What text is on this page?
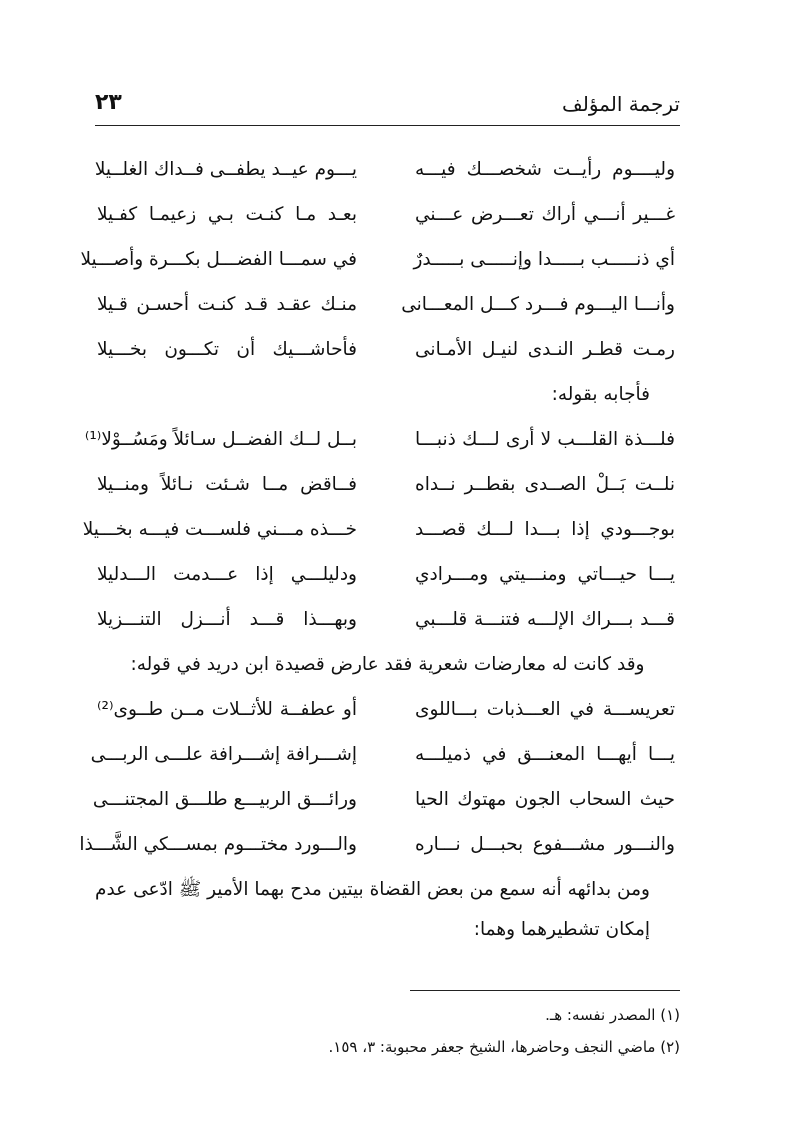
ترجمة المؤلف
٢٣
وليــــوم رأيــت شخصـــك فيـــه
يـــوم عيــد يطفــى فــداك الغلــيلا
غـــير أنـــي أراك تعـــرض عـــني
بعـد مـا كنـت بـي زعيمـا كفـيلا
أي ذنـــــب بـــــدا وإنـــــى بـــــدرٌ
في سمـــا الفضـــل بكـــرة وأصـــيلا
وأنـــا اليـــوم فـــرد كـــل المعـــانى
منـك عقـد قـد كنـت أحسـن قـيلا
رمـت قطـر النـدى لنيـل الأمـانى
فأحاشـــيك أن تكـــون بخـــيلا
فأجابه بقوله:
فلـــذة القلـــب لا أرى لـــك ذنبـــا
بــل لــك الفضــل سـائلاً ومَسُــوْلا⁽¹⁾
نلــت بَــلْ الصــدى بقطــر نــداه
فــاقض مــا شـئت نـائلاً ومنــيلا
بوجـــودي إذا بـــدا لـــك قصـــد
خـــذه مـــني فلســـت فيـــه بخـــيلا
يـــا حيـــاتي ومنـــيتي ومـــرادي
ودليلـــي إذا عـــدمت الـــدليلا
قـــد بـــراك الإلـــه فتنـــة قلـــبي
وبهـــذا قـــد أنـــزل التنـــزيلا
وقد كانت له معارضات شعرية فقد عارض قصيدة ابن دريد في قوله:
تعريســـة في العـــذبات بـــاللوى
أو عطفــة للأثــلات مــن طــوى⁽²⁾
يـــا أيهـــا المعنـــق في ذميلـــه
إشـــرافة إشـــرافة علـــى الربـــى
حيث السحاب الجون مهتوك الحيا
ورائـــق الربيـــع طلـــق المجتنـــى
والنـــور مشـــفوع بحبـــل نـــاره
والـــورد مختـــوم بمســـكي الشَّـــذا
ومن بدائهه أنه سمع من بعض القضاة بيتين مدح بهما الأمير ﷺ ادّعى عدم إمكان تشطيرهما وهما:
(١) المصدر نفسه: هـ.
(٢) ماضي النجف وحاضرها، الشيخ جعفر محبوبة: ٣، ١٥٩.
